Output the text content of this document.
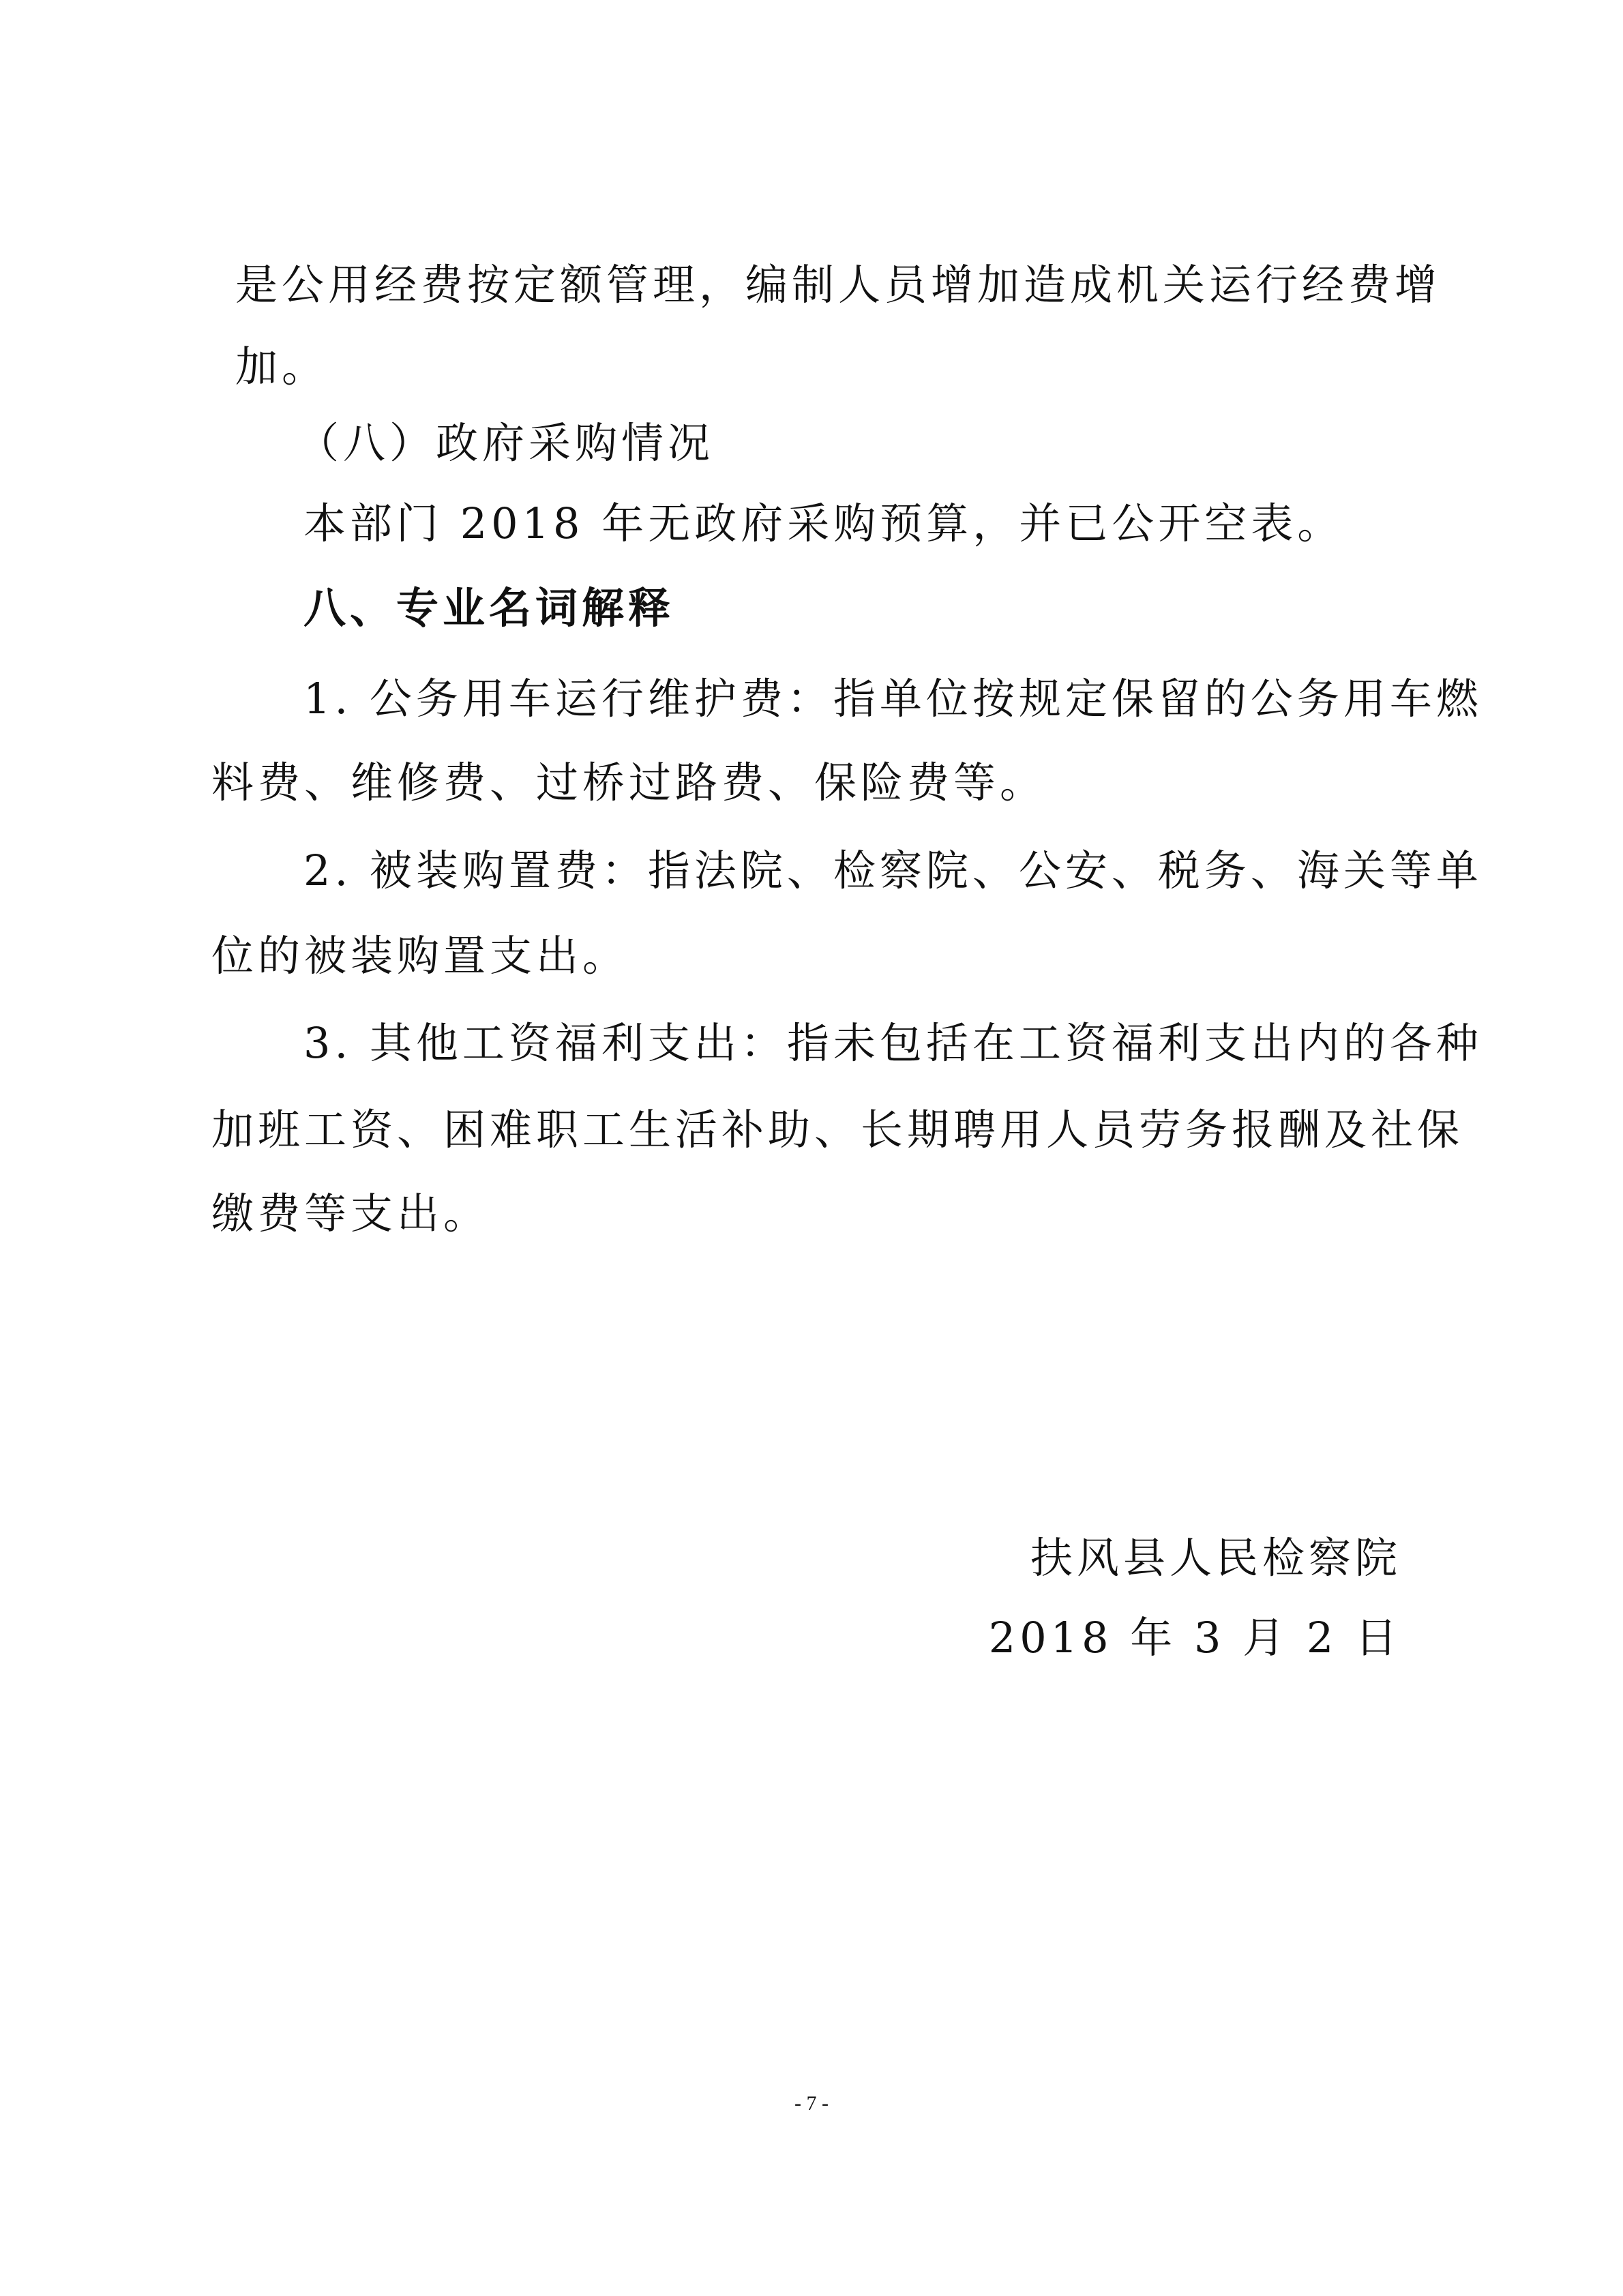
是公用经费按定额管理，编制人员增加造成机关运行经费增
加。
（八）政府采购情况
本部门 2018 年无政府采购预算，并已公开空表。
八、专业名词解释
1. 公务用车运行维护费：指单位按规定保留的公务用车燃
料费、维修费、过桥过路费、保险费等。
2. 被装购置费：指法院、检察院、公安、税务、海关等单
位的被装购置支出。
3. 其他工资福利支出：指未包括在工资福利支出内的各种
加班工资、困难职工生活补助、长期聘用人员劳务报酬及社保
缴费等支出。
扶风县人民检察院
2018 年 3 月 2 日
- 7 -
